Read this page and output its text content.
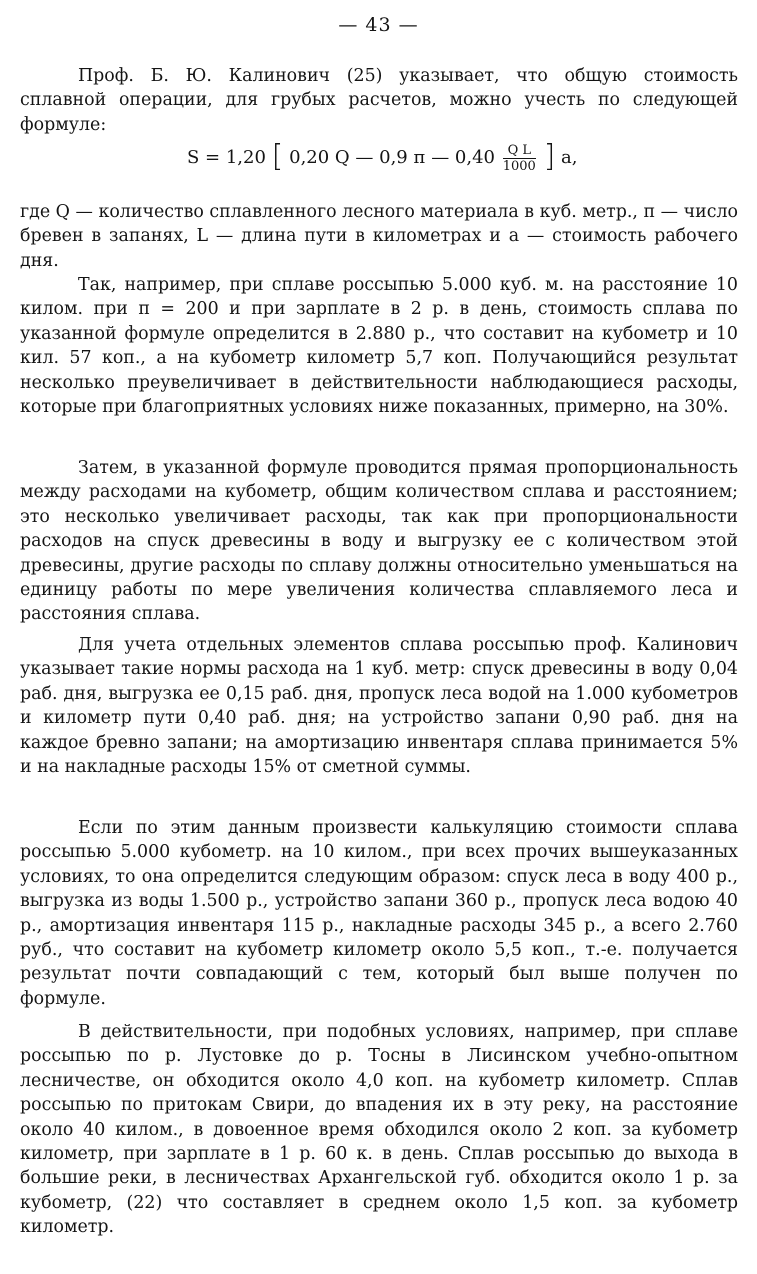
— 43 —
Проф. Б. Ю. Калинович (25) указывает, что общую стоимость сплавной операции, для грубых расчетов, можно учесть по следующей формуле:
S = 1,20 [ 0,20 Q — 0,9 п — $0,40 \frac{\text{Q L}}{1000}$ ] а,
где Q — количество сплавленного лесного материала в куб. метр., п — число бревен в запанях, L — длина пути в километрах и а — стоимость рабочего дня.
Так, например, при сплаве россыпью 5.000 куб. м. на расстояние 10 килом. при п = 200 и при зарплате в 2 р. в день, стоимость сплава по указанной формуле определится в 2.880 р., что составит на кубометр и 10 кил. 57 коп., а на кубометр километр 5,7 коп. Получающийся результат несколько преувеличивает в действительности наблюдающиеся расходы, которые при благоприятных условиях ниже показанных, примерно, на 30%.
Затем, в указанной формуле проводится прямая пропорциональность между расходами на кубометр, общим количеством сплава и расстоянием; это несколько увеличивает расходы, так как при пропорциональности расходов на спуск древесины в воду и выгрузку ее с количеством этой древесины, другие расходы по сплаву должны относительно уменьшаться на единицу работы по мере увеличения количества сплавляемого леса и расстояния сплава.
Для учета отдельных элементов сплава россыпью проф. Калинович указывает такие нормы расхода на 1 куб. метр: спуск древесины в воду 0,04 раб. дня, выгрузка ее 0,15 раб. дня, пропуск леса водой на 1.000 кубометров и километр пути 0,40 раб. дня; на устройство запани 0,90 раб. дня на каждое бревно запани; на амортизацию инвентаря сплава принимается 5% и на накладные расходы 15% от сметной суммы.
Если по этим данным произвести калькуляцию стоимости сплава россыпью 5.000 кубометр. на 10 килом., при всех прочих вышеуказанных условиях, то она определится следующим образом: спуск леса в воду 400 р., выгрузка из воды 1.500 р., устройство запани 360 р., пропуск леса водою 40 р., амортизация инвентаря 115 р., накладные расходы 345 р., а всего 2.760 руб., что составит на кубометр километр около 5,5 коп., т.-е. получается результат почти совпадающий с тем, который был выше получен по формуле.
В действительности, при подобных условиях, например, при сплаве россыпью по р. Лустовке до р. Тосны в Лисинском учебно-опытном лесничестве, он обходится около 4,0 коп. на кубометр километр. Сплав россыпью по притокам Свири, до впадения их в эту реку, на расстояние около 40 килом., в довоенное время обходился около 2 коп. за кубометр километр, при зарплате в 1 р. 60 к. в день. Сплав россыпью до выхода в большие реки, в лесничествах Архангельской губ. обходится около 1 р. за кубометр, (22) что составляет в среднем около 1,5 коп. за кубометр километр.
